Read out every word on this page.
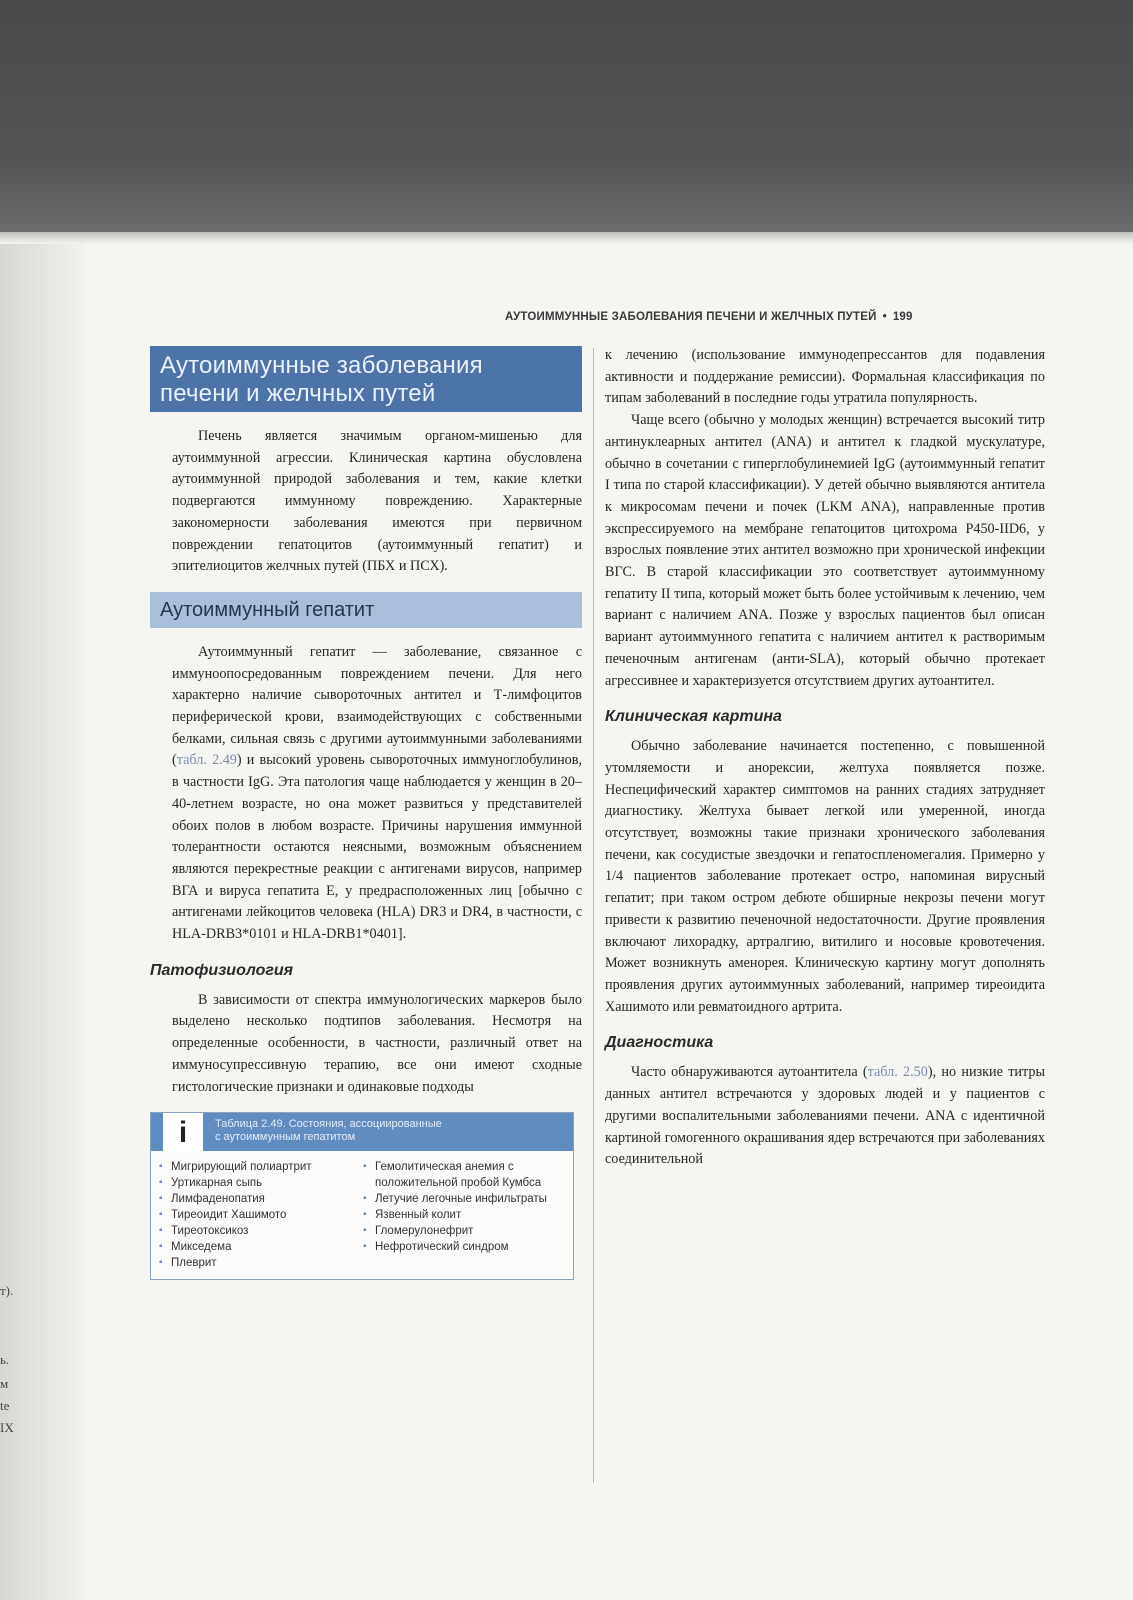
АУТОИММУННЫЕ ЗАБОЛЕВАНИЯ ПЕЧЕНИ И ЖЕЛЧНЫХ ПУТЕЙ • 199
т).
ь.
м
te
IX
Аутоиммунные заболевания
печени и желчных путей

Печень является значимым органом-мишенью для аутоиммунной агрессии. Клиническая картина обусловлена аутоиммунной природой заболевания и тем, какие клетки подвергаются иммунному повреждению. Характерные закономерности заболевания имеются при первичном повреждении гепатоцитов (аутоиммунный гепатит) и эпителиоцитов желчных путей (ПБХ и ПСХ).

Аутоиммунный гепатит

Аутоиммунный гепатит — заболевание, связанное с иммуноопосредованным повреждением печени. Для него характерно наличие сывороточных антител и Т-лимфоцитов периферической крови, взаимодействующих с собственными белками, сильная связь с другими аутоиммунными заболеваниями (табл. 2.49) и высокий уровень сывороточных иммуноглобулинов, в частности IgG. Эта патология чаще наблюдается у женщин в 20–40-летнем возрасте, но она может развиться у представителей обоих полов в любом возрасте. Причины нарушения иммунной толерантности остаются неясными, возможным объяснением являются перекрестные реакции с антигенами вирусов, например ВГА и вируса гепатита Е, у предрасположенных лиц [обычно с антигенами лейкоцитов человека (HLA) DR3 и DR4, в частности, с HLA-DRB3*0101 и HLA-DRB1*0401].

Патофизиология

В зависимости от спектра иммунологических маркеров было выделено несколько подтипов заболевания. Несмотря на определенные особенности, в частности, различный ответ на иммуносупрессивную терапию, все они имеют сходные гистологические признаки и одинаковые подходы

i	Таблица 2.49. Состояния, ассоциированные
с аутоиммунным гепатитом
▪ Мигрирующий полиартрит
▪ Уртикарная сыпь
▪ Лимфаденопатия
▪ Тиреоидит Хашимото
▪ Тиреотоксикоз
▪ Микседема
▪ Плеврит
▪ Гемолитическая анемия с положительной пробой Кумбса
▪ Летучие легочные инфильтраты
▪ Язвенный колит
▪ Гломерулонефрит
▪ Нефротический синдром

к лечению (использование иммунодепрессантов для подавления активности и поддержание ремиссии). Формальная классификация по типам заболеваний в последние годы утратила популярность.

Чаще всего (обычно у молодых женщин) встречается высокий титр антинуклеарных антител (ANA) и антител к гладкой мускулатуре, обычно в сочетании с гиперглобулинемией IgG (аутоиммунный гепатит I типа по старой классификации). У детей обычно выявляются антитела к микросомам печени и почек (LKM ANA), направленные против экспрессируемого на мембране гепатоцитов цитохрома P450-IID6, у взрослых появление этих антител возможно при хронической инфекции ВГС. В старой классификации это соответствует аутоиммунному гепатиту II типа, который может быть более устойчивым к лечению, чем вариант с наличием ANA. Позже у взрослых пациентов был описан вариант аутоиммунного гепатита с наличием антител к растворимым печеночным антигенам (анти-SLA), который обычно протекает агрессивнее и характеризуется отсутствием других аутоантител.

Клиническая картина

Обычно заболевание начинается постепенно, с повышенной утомляемости и анорексии, желтуха появляется позже. Неспецифический характер симптомов на ранних стадиях затрудняет диагностику. Желтуха бывает легкой или умеренной, иногда отсутствует, возможны такие признаки хронического заболевания печени, как сосудистые звездочки и гепатоспленомегалия. Примерно у 1/4 пациентов заболевание протекает остро, напоминая вирусный гепатит; при таком остром дебюте обширные некрозы печени могут привести к развитию печеночной недостаточности. Другие проявления включают лихорадку, артралгию, витилиго и носовые кровотечения. Может возникнуть аменорея. Клиническую картину могут дополнять проявления других аутоиммунных заболеваний, например тиреоидита Хашимото или ревматоидного артрита.

Диагностика

Часто обнаруживаются аутоантитела (табл. 2.50), но низкие титры данных антител встречаются у здоровых людей и у пациентов с другими воспалительными заболеваниями печени. ANA с идентичной картиной гомогенного окрашивания ядер встречаются при заболеваниях соединительной
